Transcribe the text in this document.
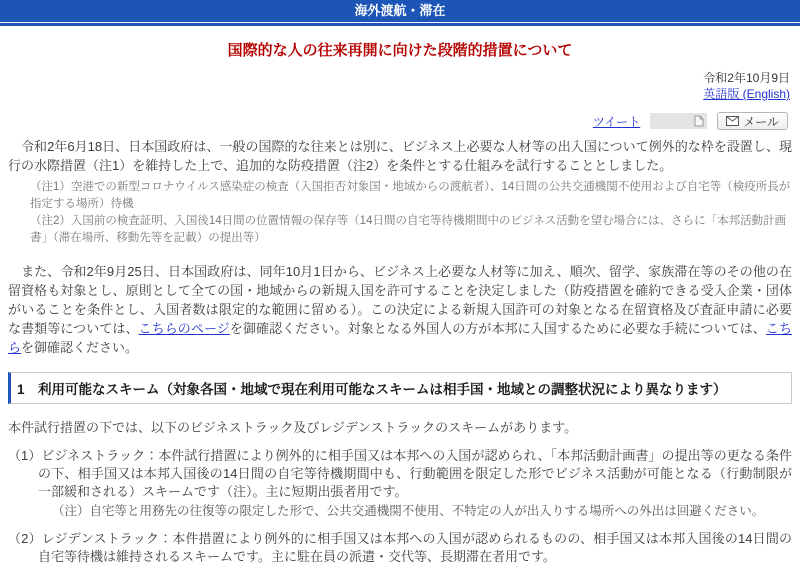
海外渡航・滞在
国際的な人の往来再開に向けた段階的措置について
令和2年10月9日
英語版 (English)
ツイート	メール

　令和2年6月18日、日本国政府は、一般の国際的な往来とは別に、ビジネス上必要な人材等の出入国について例外的な枠を設置し、現行の水際措置（注1）を維持した上で、追加的な防疫措置（注2）を条件とする仕組みを試行することとしました。

（注1）空港での新型コロナウイルス感染症の検査（入国拒否対象国・地域からの渡航者）、14日間の公共交通機関不使用および自宅等（検疫所長が指定する場所）待機
（注2）入国前の検査証明、入国後14日間の位置情報の保存等（14日間の自宅等待機期間中のビジネス活動を望む場合には、さらに「本邦活動計画書」（滞在場所、移動先等を記載）の提出等）

　また、令和2年9月25日、日本国政府は、同年10月1日から、ビジネス上必要な人材等に加え、順次、留学、家族滞在等のその他の在留資格も対象とし、原則として全ての国・地域からの新規入国を許可することを決定しました（防疫措置を確約できる受入企業・団体がいることを条件とし、入国者数は限定的な範囲に留める）。この決定による新規入国許可の対象となる在留資格及び査証申請に必要な書類等については、こちらのページを御確認ください。対象となる外国人の方が本邦に入国するために必要な手続については、こちらを御確認ください。

1　利用可能なスキーム（対象各国・地域で現在利用可能なスキームは相手国・地域との調整状況により異なります）

本件試行措置の下では、以下のビジネストラック及びレジデンストラックのスキームがあります。

（1）ビジネストラック：本件試行措置により例外的に相手国又は本邦への入国が認められ、「本邦活動計画書」の提出等の更なる条件の下、相手国又は本邦入国後の14日間の自宅等待機期間中も、行動範囲を限定した形でビジネス活動が可能となる（行動制限が一部緩和される）スキームです（注）。主に短期出張者用です。
（注）自宅等と用務先の往復等の限定した形で、公共交通機関不使用、不特定の人が出入りする場所への外出は回避ください。
（2）レジデンストラック：本件措置により例外的に相手国又は本邦への入国が認められるものの、相手国又は本邦入国後の14日間の自宅等待機は維持されるスキームです。主に駐在員の派遣・交代等、長期滞在者用です。
